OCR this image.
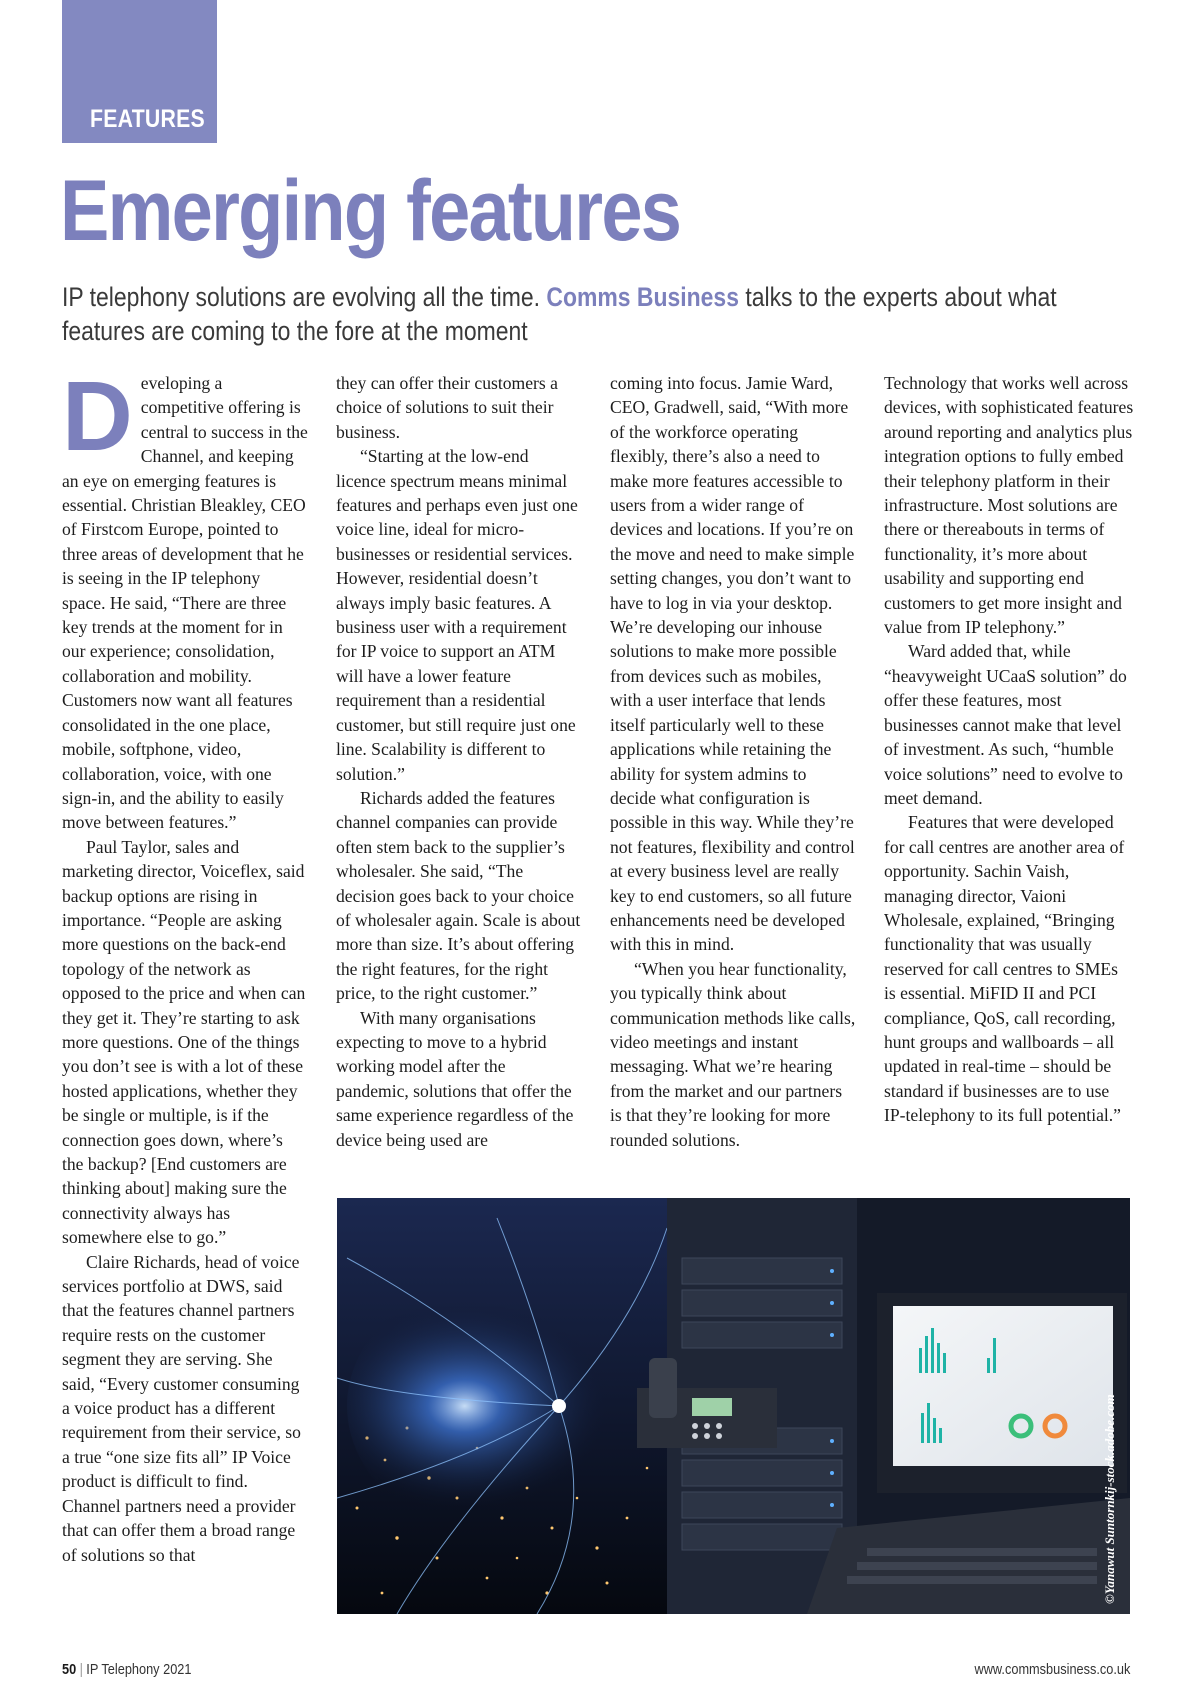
FEATURES
Emerging features

IP telephony solutions are evolving all the time. Comms Business talks to the experts about what features are coming to the fore at the moment

D eveloping a competitive offering is central to success in the Channel, and keeping an eye on emerging features is essential. Christian Bleakley, CEO of Firstcom Europe, pointed to three areas of development that he is seeing in the IP telephony space. He said, “There are three key trends at the moment for in our experience; consolidation, collaboration and mobility. Customers now want all features consolidated in the one place, mobile, softphone, video, collaboration, voice, with one sign-in, and the ability to easily move between features.”

Paul Taylor, sales and marketing director, Voiceflex, said backup options are rising in importance. “People are asking more questions on the back-end topology of the network as opposed to the price and when can they get it. They’re starting to ask more questions. One of the things you don’t see is with a lot of these hosted applications, whether they be single or multiple, is if the connection goes down, where’s the backup? [End customers are thinking about] making sure the connectivity always has somewhere else to go.”

Claire Richards, head of voice services portfolio at DWS, said that the features channel partners require rests on the customer segment they are serving. She said, “Every customer consuming a voice product has a different requirement from their service, so a true “one size fits all” IP Voice product is difficult to find. Channel partners need a provider that can offer them a broad range of solutions so that

they can offer their customers a choice of solutions to suit their business.

“Starting at the low-end licence spectrum means minimal features and perhaps even just one voice line, ideal for micro-businesses or residential services. However, residential doesn’t always imply basic features. A business user with a requirement for IP voice to support an ATM will have a lower feature requirement than a residential customer, but still require just one line. Scalability is different to solution.”

Richards added the features channel companies can provide often stem back to the supplier’s wholesaler. She said, “The decision goes back to your choice of wholesaler again. Scale is about more than size. It’s about offering the right features, for the right price, to the right customer.”

With many organisations expecting to move to a hybrid working model after the pandemic, solutions that offer the same experience regardless of the device being used are

coming into focus. Jamie Ward, CEO, Gradwell, said, “With more of the workforce operating flexibly, there’s also a need to make more features accessible to users from a wider range of devices and locations. If you’re on the move and need to make simple setting changes, you don’t want to have to log in via your desktop. We’re developing our inhouse solutions to make more possible from devices such as mobiles, with a user interface that lends itself particularly well to these applications while retaining the ability for system admins to decide what configuration is possible in this way. While they’re not features, flexibility and control at every business level are really key to end customers, so all future enhancements need be developed with this in mind.

“When you hear functionality, you typically think about communication methods like calls, video meetings and instant messaging. What we’re hearing from the market and our partners is that they’re looking for more rounded solutions.

Technology that works well across devices, with sophisticated features around reporting and analytics plus integration options to fully embed their telephony platform in their infrastructure. Most solutions are there or thereabouts in terms of functionality, it’s more about usability and supporting end customers to get more insight and value from IP telephony.”

Ward added that, while “heavyweight UCaaS solution” do offer these features, most businesses cannot make that level of investment. As such, “humble voice solutions” need to evolve to meet demand.

Features that were developed for call centres are another area of opportunity. Sachin Vaish, managing director, Vaioni Wholesale, explained, “Bringing functionality that was usually reserved for call centres to SMEs is essential. MiFID II and PCI compliance, QoS, call recording, hunt groups and wallboards – all updated in real-time – should be standard if businesses are to use IP-telephony to its full potential.”

©Yanawut Suntornkij-stock.adobe.com
50 | IP Telephony 2021	www.commsbusiness.co.uk
